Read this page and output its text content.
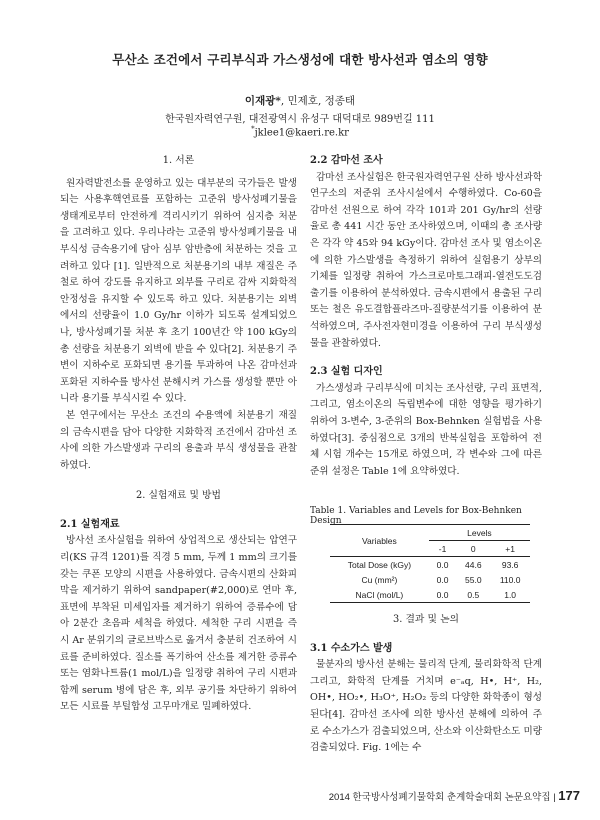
무산소 조건에서 구리부식과 가스생성에 대한 방사선과 염소의 영향
이재광*, 민제호, 정종태
한국원자력연구원, 대전광역시 유성구 대덕대로 989번길 111
*jklee1@kaeri.re.kr
1. 서론

원자력발전소를 운영하고 있는 대부분의 국가들은 발생되는 사용후핵연료를 포함하는 고준위 방사성폐기물을 생태계로부터 안전하게 격리시키기 위하여 심지층 처분을 고려하고 있다. 우리나라는 고준위 방사성폐기물을 내부식성 금속용기에 담아 심부 암반층에 처분하는 것을 고려하고 있다 [1]. 일반적으로 처분용기의 내부 재질은 주철로 하여 강도를 유지하고 외부를 구리로 감싸 지화학적 안정성을 유지할 수 있도록 하고 있다. 처분용기는 외벽에서의 선량율이 1.0 Gy/hr 이하가 되도록 설계되었으나, 방사성폐기물 처분 후 초기 100년간 약 100 kGy의 총 선량을 처분용기 외벽에 받을 수 있다[2]. 처분용기 주변이 지하수로 포화되면 용기를 투과하여 나온 감마선과 포화된 지하수를 방사선 분해시켜 가스를 생성할 뿐만 아니라 용기를 부식시킬 수 있다.

본 연구에서는 무산소 조건의 수용액에 처분용기 재질의 금속시편을 담아 다양한 지화학적 조건에서 감마선 조사에 의한 가스발생과 구리의 용출과 부식 생성물을 관찰하였다.

2. 실험재료 및 방법
2.1 실험재료

방사선 조사실험을 위하여 상업적으로 생산되는 압연구리(KS 규격 1201)를 직경 5 mm, 두께 1 mm의 크기를 갖는 쿠폰 모양의 시편을 사용하였다. 금속시편의 산화피막을 제거하기 위하여 sandpaper(#2,000)로 연마 후, 표면에 부착된 미세입자를 제거하기 위하여 증류수에 담아 2분간 초음파 세척을 하였다. 세척한 구리 시편을 즉시 Ar 분위기의 글로브박스로 옮겨서 충분히 건조하여 시료를 준비하였다. 질소를 폭기하여 산소를 제거한 증류수 또는 염화나트륨(1 mol/L)을 일정량 취하여 구리 시편과 함께 serum 병에 담은 후, 외부 공기를 차단하기 위하여 모든 시료를 부틸합성 고무마개로 밀폐하였다.

2.2 감마선 조사

감마선 조사실험은 한국원자력연구원 산하 방사선과학연구소의 저준위 조사시설에서 수행하였다. Co-60을 감마선 선원으로 하여 각각 101과 201 Gy/hr의 선량율로 총 441 시간 동안 조사하였으며, 이때의 총 조사량은 각각 약 45와 94 kGy이다. 감마선 조사 및 염소이온에 의한 가스발생을 측정하기 위하여 실험용기 상부의 기체를 일정량 취하여 가스크로마토그래피-열전도도검출기를 이용하여 분석하였다. 금속시편에서 용출된 구리 또는 철은 유도결합플라즈마-질량분석기를 이용하여 분석하였으며, 주사전자현미경을 이용하여 구리 부식생성물을 관찰하였다.

2.3 실험 디자인

가스생성과 구리부식에 미치는 조사선량, 구리 표면적, 그리고, 염소이온의 독립변수에 대한 영향을 평가하기 위하여 3-변수, 3-준위의 Box-Behnken 실험법을 사용하였다[3]. 중심점으로 3개의 반복실험을 포함하여 전체 시험 개수는 15개로 하였으며, 각 변수와 그에 따른 준위 설정은 Table 1에 요약하였다.

Table 1. Variables and Levels for Box-Behnken Design
Variables	Levels		
	-1	0	+1
Total Dose (kGy)	0.0	44.6	93.6
Cu (mm²)	0.0	55.0	110.0
NaCl (mol/L)	0.0	0.5	1.0
3. 결과 및 논의
3.1 수소가스 발생

물분자의 방사선 분해는 물리적 단계, 물리화학적 단계 그리고, 화학적 단계를 거치며 e⁻ₐq, H•, H⁺, H₂, OH•, HO₂•, H₃O⁺, H₂O₂ 등의 다양한 화학종이 형성된다[4]. 감마선 조사에 의한 방사선 분해에 의하여 주로 수소가스가 검출되었으며, 산소와 이산화탄소도 미량 검출되었다. Fig. 1에는 수

2014 한국방사성폐기물학회 춘계학술대회 논문요약집 | 177
